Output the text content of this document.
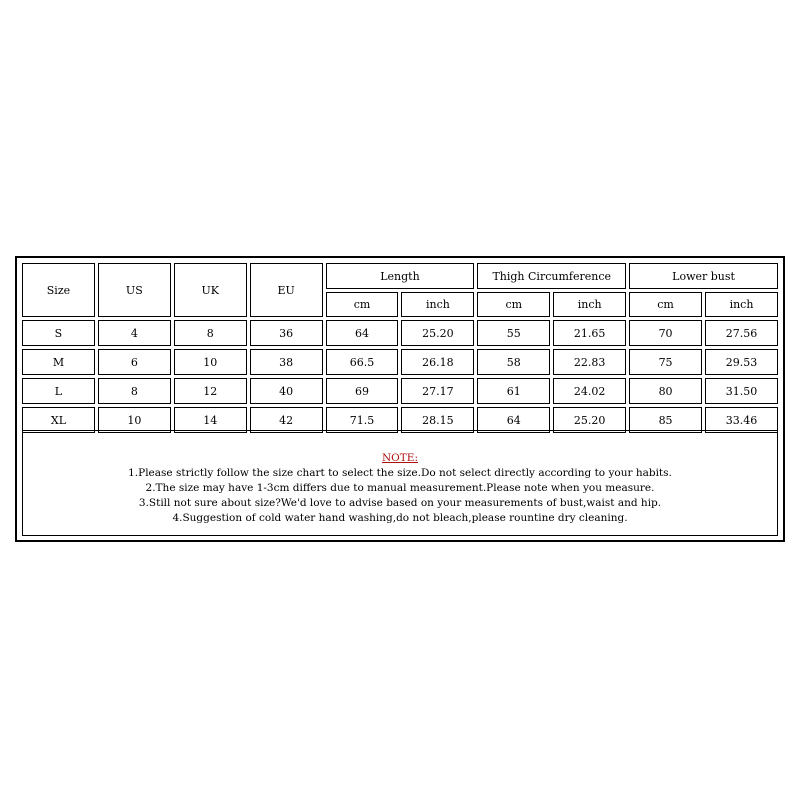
Size	US	UK	EU	Length		Thigh Circumference		Lower bust	
				cm	inch	cm	inch	cm	inch
S	4	8	36	64	25.20	55	21.65	70	27.56
M	6	10	38	66.5	26.18	58	22.83	75	29.53
L	8	12	40	69	27.17	61	24.02	80	31.50
XL	10	14	42	71.5	28.15	64	25.20	85	33.46
NOTE:
1.Please strictly follow the size chart to select the size.Do not select directly according to your habits.
2.The size may have 1-3cm differs due to manual measurement.Please note when you measure.
3.Still not sure about size?We'd love to advise based on your measurements of bust,waist and hip.
4.Suggestion of cold water hand washing,do not bleach,please rountine dry cleaning.
